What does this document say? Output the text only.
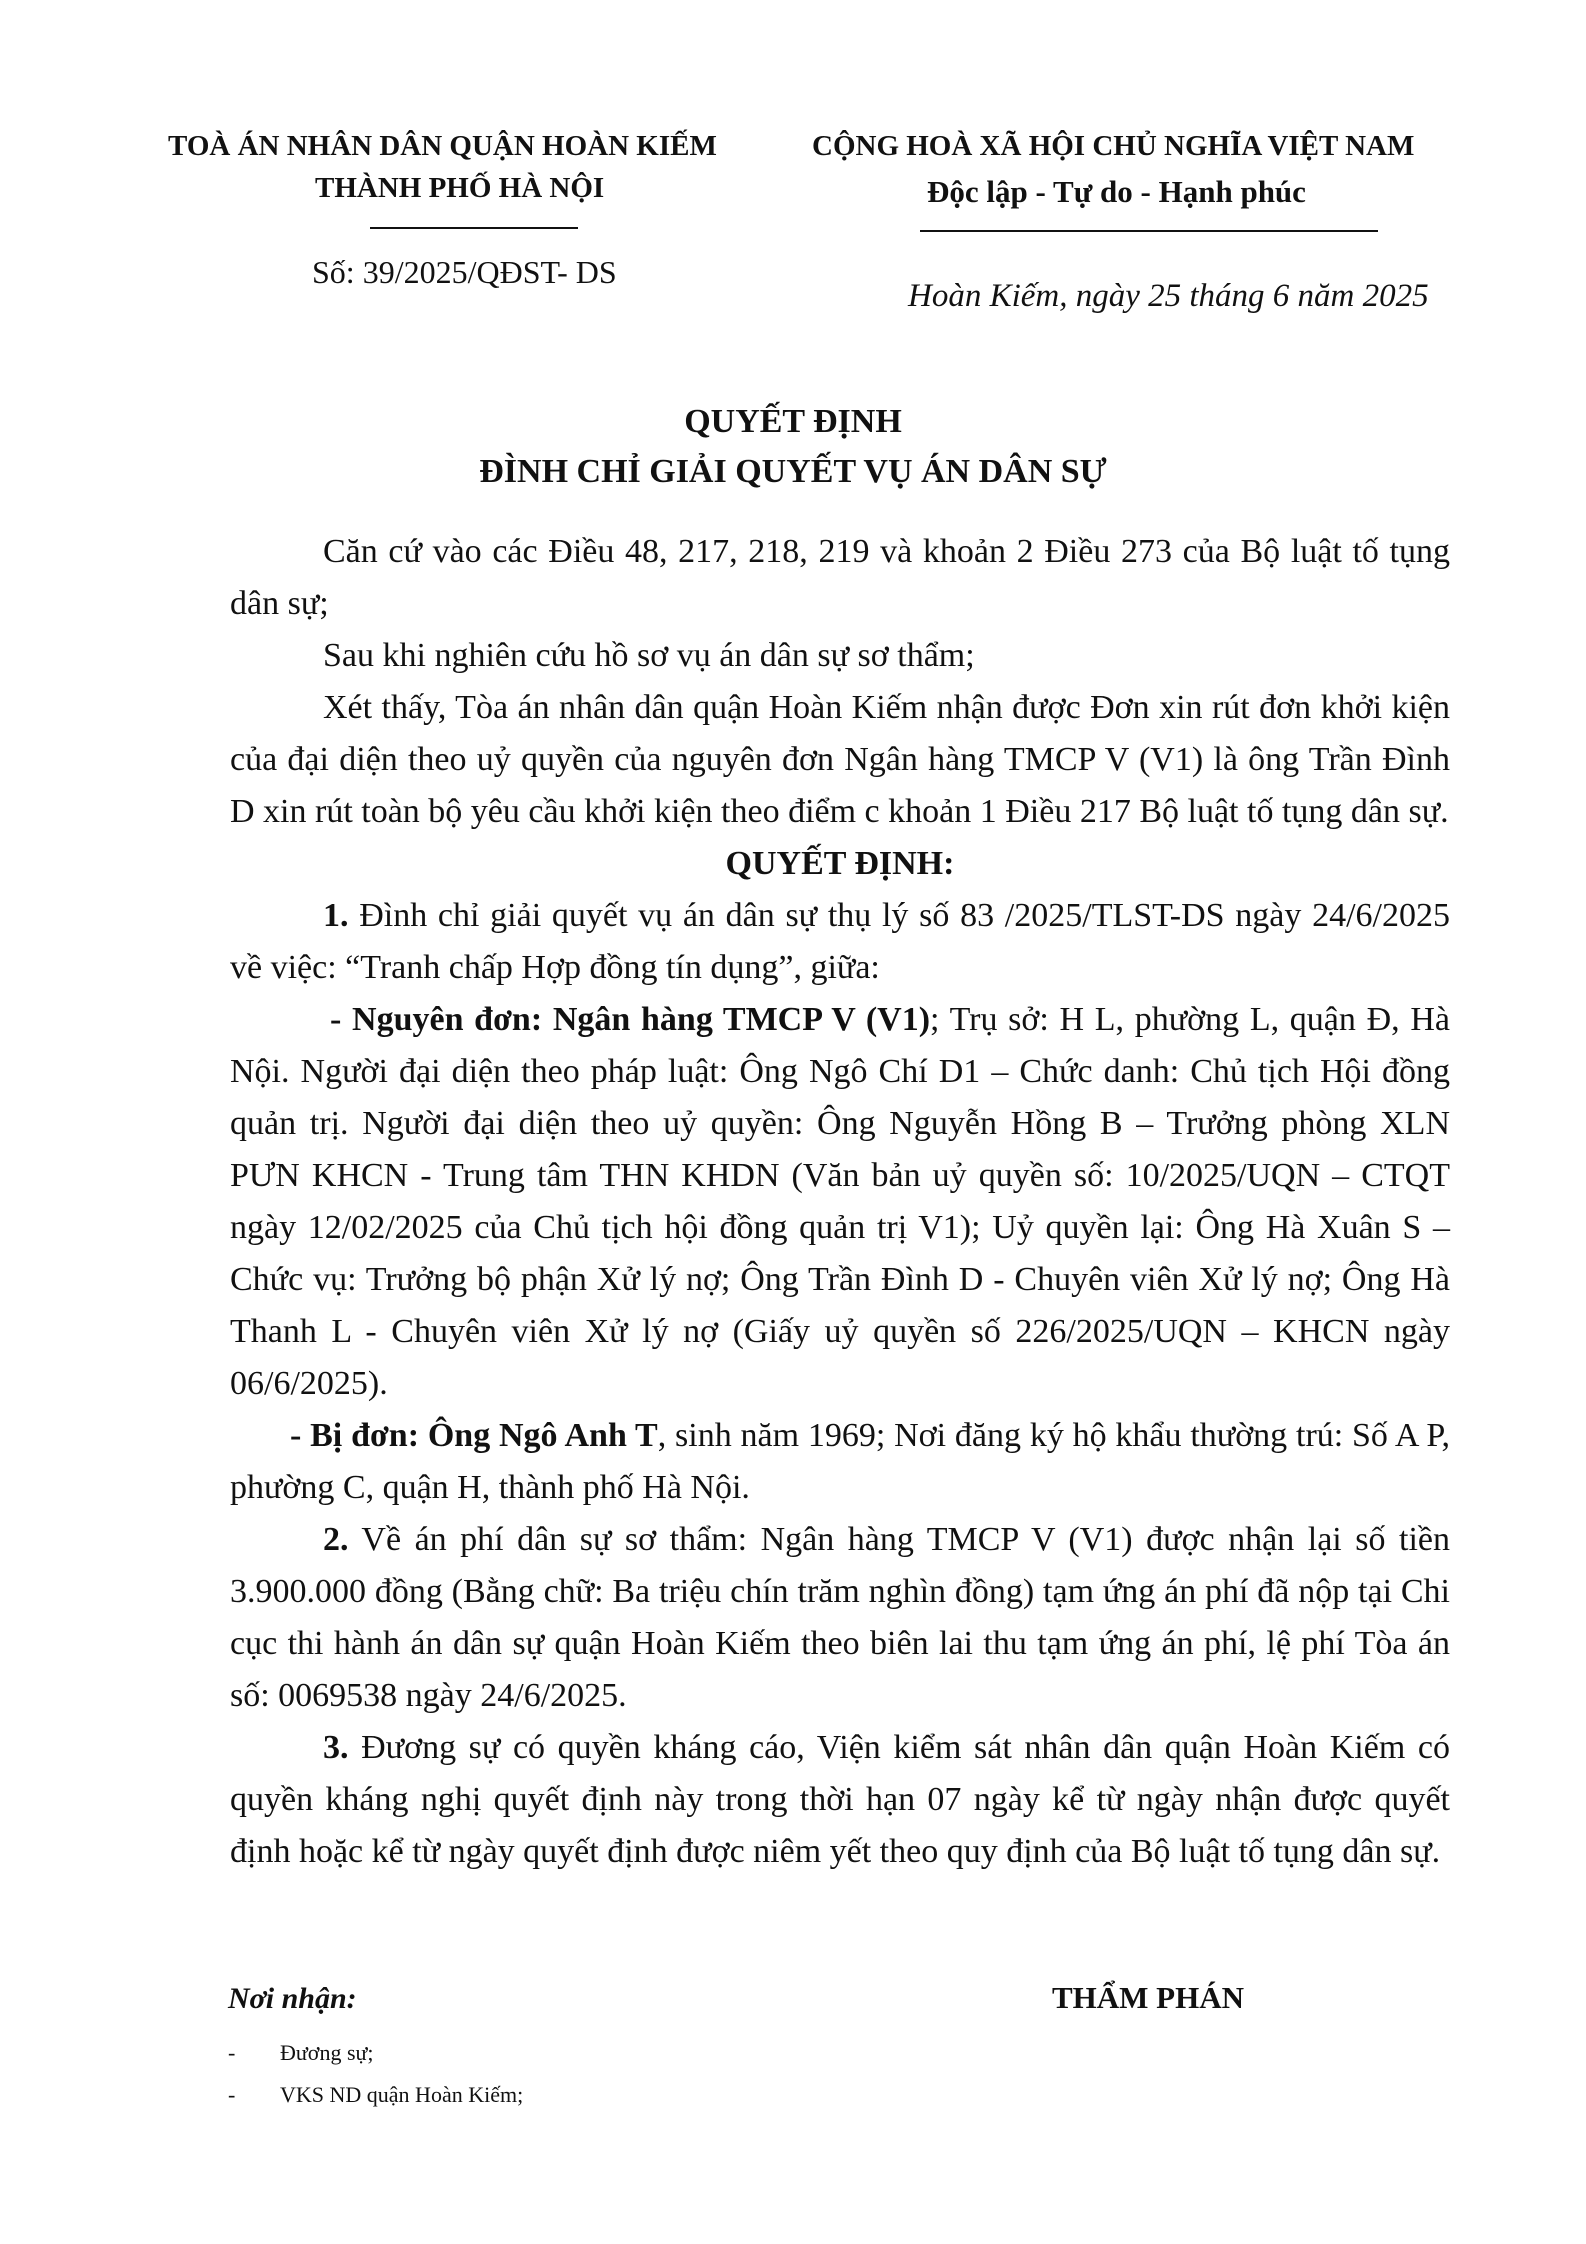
TOÀ ÁN NHÂN DÂN QUẬN HOÀN KIẾM
THÀNH PHỐ HÀ NỘI
Số: 39/2025/QĐST- DS
CỘNG HOÀ XÃ HỘI CHỦ NGHĨA VIỆT NAM
Độc lập - Tự do - Hạnh phúc
Hoàn Kiếm, ngày 25 tháng 6 năm 2025
QUYẾT ĐỊNH
ĐÌNH CHỈ GIẢI QUYẾT VỤ ÁN DÂN SỰ

Căn cứ vào các Điều 48, 217, 218, 219 và khoản 2 Điều 273 của Bộ luật tố tụng dân sự;

Sau khi nghiên cứu hồ sơ vụ án dân sự sơ thẩm;

Xét thấy, Tòa án nhân dân quận Hoàn Kiếm nhận được Đơn xin rút đơn khởi kiện của đại diện theo uỷ quyền của nguyên đơn Ngân hàng TMCP V (V1) là ông Trần Đình D xin rút toàn bộ yêu cầu khởi kiện theo điểm c khoản 1 Điều 217 Bộ luật tố tụng dân sự.

QUYẾT ĐỊNH:

1. Đình chỉ giải quyết vụ án dân sự thụ lý số 83 /2025/TLST-DS ngày 24/6/2025 về việc: “Tranh chấp Hợp đồng tín dụng”, giữa:

- Nguyên đơn: Ngân hàng TMCP V (V1); Trụ sở: H L, phường L, quận Đ, Hà Nội. Người đại diện theo pháp luật: Ông Ngô Chí D1 – Chức danh: Chủ tịch Hội đồng quản trị. Người đại diện theo uỷ quyền: Ông Nguyễn Hồng B – Trưởng phòng XLN PƯN KHCN - Trung tâm THN KHDN (Văn bản uỷ quyền số: 10/2025/UQN – CTQT ngày 12/02/2025 của Chủ tịch hội đồng quản trị V1); Uỷ quyền lại: Ông Hà Xuân S – Chức vụ: Trưởng bộ phận Xử lý nợ; Ông Trần Đình D - Chuyên viên Xử lý nợ; Ông Hà Thanh L - Chuyên viên Xử lý nợ (Giấy uỷ quyền số 226/2025/UQN – KHCN ngày 06/6/2025).

- Bị đơn: Ông Ngô Anh T, sinh năm 1969; Nơi đăng ký hộ khẩu thường trú: Số A P, phường C, quận H, thành phố Hà Nội.

2. Về án phí dân sự sơ thẩm: Ngân hàng TMCP V (V1) được nhận lại số tiền 3.900.000 đồng (Bằng chữ: Ba triệu chín trăm nghìn đồng) tạm ứng án phí đã nộp tại Chi cục thi hành án dân sự quận Hoàn Kiếm theo biên lai thu tạm ứng án phí, lệ phí Tòa án số: 0069538 ngày 24/6/2025.

3. Đương sự có quyền kháng cáo, Viện kiểm sát nhân dân quận Hoàn Kiếm có quyền kháng nghị quyết định này trong thời hạn 07 ngày kể từ ngày nhận được quyết định hoặc kể từ ngày quyết định được niêm yết theo quy định của Bộ luật tố tụng dân sự.

Nơi nhận:	THẨM PHÁN
- Đương sự;
- VKS ND quận Hoàn Kiếm;
